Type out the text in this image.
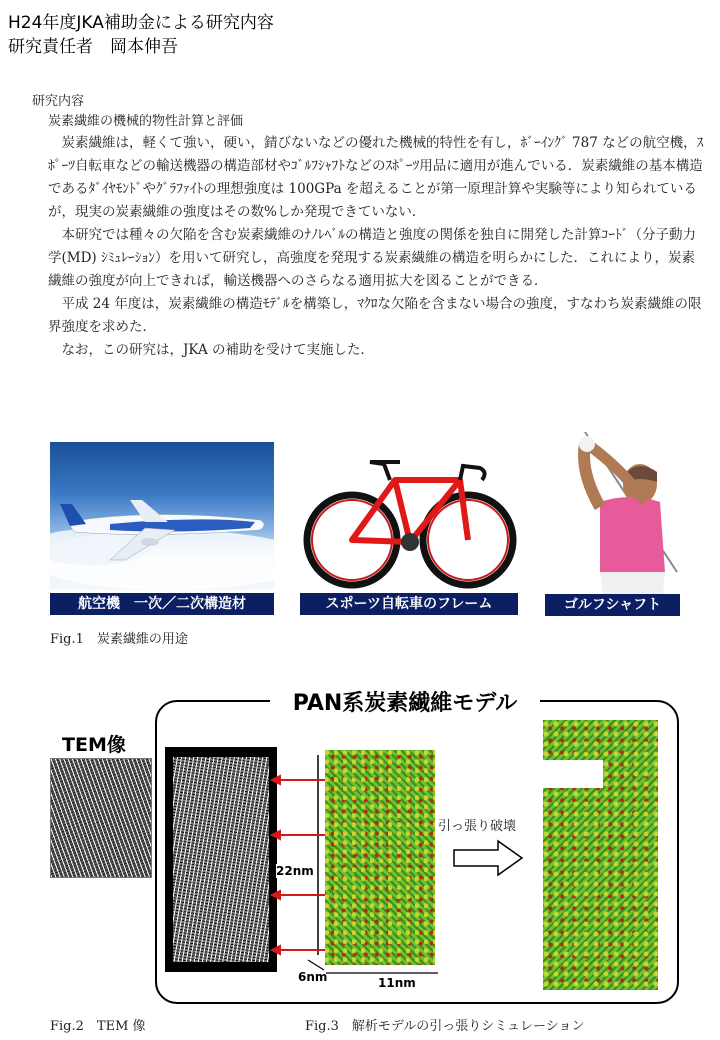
H24年度JKA補助金による研究内容
研究責任者　岡本伸吾
研究内容
炭素繊維の機械的物性計算と評価

炭素繊維は，軽くて強い，硬い，錆びないなどの優れた機械的特性を有し，ﾎﾞｰｲﾝｸﾞ 787 などの航空機，ｽﾎﾟｰﾂ自転車などの輸送機器の構造部材やｺﾞﾙﾌｼｬﾌﾄなどのｽﾎﾟｰﾂ用品に適用が進んでいる．炭素繊維の基本構造であるﾀﾞｲﾔﾓﾝﾄﾞやｸﾞﾗﾌｧｲﾄの理想強度は 100GPa を超えることが第一原理計算や実験等により知られているが，現実の炭素繊維の強度はその数%しか発現できていない．

本研究では種々の欠陥を含む炭素繊維のﾅﾉﾚﾍﾞﾙの構造と強度の関係を独自に開発した計算ｺｰﾄﾞ（分子動力学(MD) ｼﾐｭﾚｰｼｮﾝ）を用いて研究し，高強度を発現する炭素繊維の構造を明らかにした．これにより，炭素繊維の強度が向上できれば，輸送機器へのさらなる適用拡大を図ることができる．

平成 24 年度は，炭素繊維の構造ﾓﾃﾞﾙを構築し，ﾏｸﾛな欠陥を含まない場合の強度，すなわち炭素繊維の限界強度を求めた．

なお，この研究は，JKA の補助を受けて実施した．

航空機　一次／二次構造材	スポーツ自転車のフレーム	ゴルフシャフト
Fig.1　炭素繊維の用途
TEM像
PAN系炭素繊維モデル
22nm
6nm	11nm
引っ張り破壊
Fig.2　TEM 像	Fig.3　解析モデルの引っ張りシミュレーション
